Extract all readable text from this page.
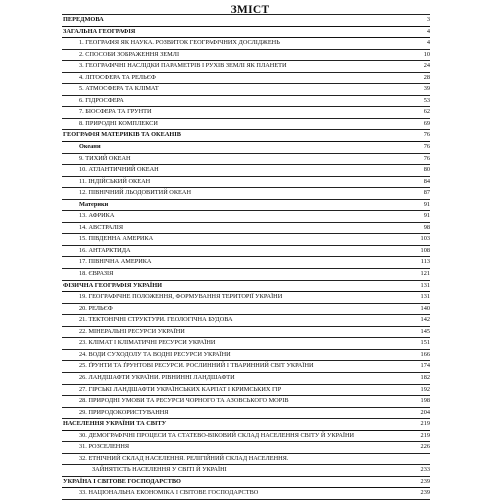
ЗМІСТ
ПЕРЕДМОВА	3
ЗАГАЛЬНА ГЕОГРАФІЯ	4
1. ГЕОГРАФІЯ ЯК НАУКА. РОЗВИТОК ГЕОГРАФІЧНИХ ДОСЛІДЖЕНЬ	4
2. СПОСОБИ ЗОБРАЖЕННЯ ЗЕМЛІ	10
3. ГЕОГРАФІЧНІ НАСЛІДКИ ПАРАМЕТРІВ І РУХІВ ЗЕМЛІ ЯК ПЛАНЕТИ	24
4. ЛІТОСФЕРА ТА РЕЛЬЄФ	28
5. АТМОСФЕРА ТА КЛІМАТ	39
6. ГІДРОСФЕРА	53
7. БІОСФЕРА ТА ГРУНТИ	62
8. ПРИРОДНІ КОМПЛЕКСИ	69
ГЕОГРАФІЯ МАТЕРИКІВ ТА ОКЕАНІВ	76
Океани	76
9. ТИХИЙ ОКЕАН	76
10. АТЛАНТИЧНИЙ ОКЕАН	80
11. ІНДІЙСЬКИЙ ОКЕАН	84
12. ПІВНІЧНИЙ ЛЬОДОВИТИЙ ОКЕАН	87
Материки	91
13. АФРИКА	91
14. АВСТРАЛІЯ	98
15. ПІВДЕННА АМЕРИКА	103
16. АНТАРКТИДА	108
17. ПІВНІЧНА АМЕРИКА	113
18. ЄВРАЗІЯ	121
ФІЗИЧНА ГЕОГРАФІЯ УКРАЇНИ	131
19. ГЕОГРАФІЧНЕ ПОЛОЖЕННЯ, ФОРМУВАННЯ ТЕРИТОРІЇ УКРАЇНИ	131
20. РЕЛЬЄФ	140
21. ТЕКТОНІЧНІ СТРУКТУРИ. ГЕОЛОГІЧНА БУДОВА	142
22. МІНЕРАЛЬНІ РЕСУРСИ УКРАЇНИ	145
23. КЛІМАТ І КЛІМАТИЧНІ РЕСУРСИ УКРАЇНИ	151
24. ВОДИ СУХОДОЛУ ТА ВОДНІ РЕСУРСИ УКРАЇНИ	166
25. ҐРУНТИ ТА ҐРУНТОВІ РЕСУРСИ. РОСЛИННИЙ І ТВАРИННИЙ СВІТ УКРАЇНИ	174
26. ЛАНДШАФТИ УКРАЇНИ. РІВНИННІ ЛАНДШАФТИ	182
27. ГІРСЬКІ ЛАНДШАФТИ УКРАЇНСЬКИХ КАРПАТ І КРИМСЬКИХ ГІР	192
28. ПРИРОДНІ УМОВИ ТА РЕСУРСИ ЧОРНОГО ТА АЗОВСЬКОГО МОРІВ	198
29. ПРИРОДОКОРИСТУВАННЯ	204
НАСЕЛЕННЯ УКРАЇНИ ТА СВІТУ	219
30. ДЕМОГРАФІЧНІ ПРОЦЕСИ ТА СТАТЕВО-ВІКОВИЙ СКЛАД НАСЕЛЕННЯ СВІТУ Й УКРАЇНИ	219
31. РОЗСЕЛЕННЯ	226
32. ЕТНІЧНИЙ СКЛАД НАСЕЛЕННЯ. РЕЛІГІЙНИЙ СКЛАД НАСЕЛЕННЯ.
ЗАЙНЯТІСТЬ НАСЕЛЕННЯ У СВІТІ Й УКРАЇНІ	233
УКРАЇНА І СВІТОВЕ ГОСПОДАРСТВО	239
33. НАЦІОНАЛЬНА ЕКОНОМІКА І СВІТОВЕ ГОСПОДАРСТВО	239
